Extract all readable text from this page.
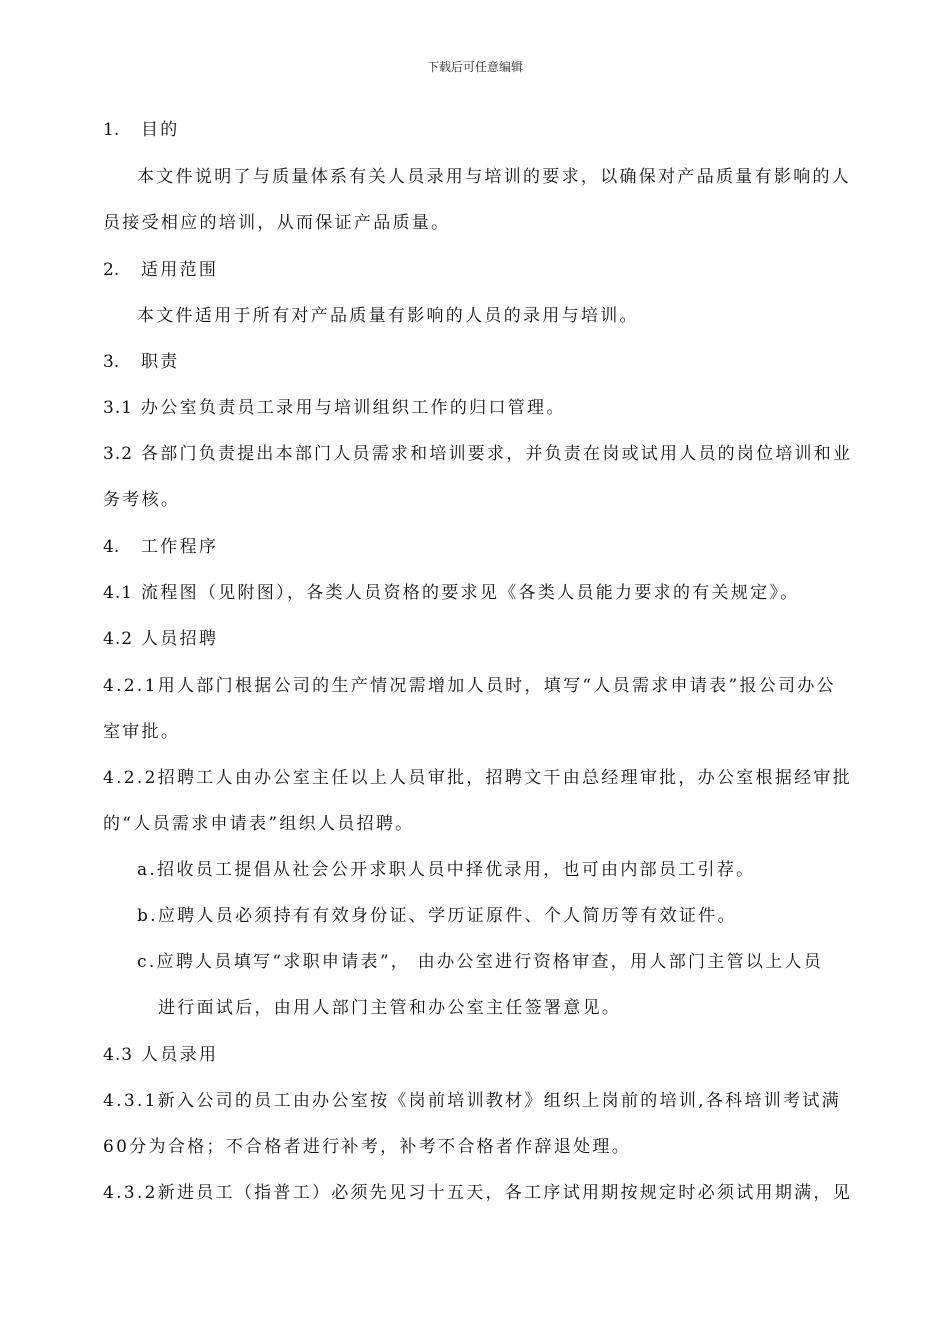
下载后可任意编辑
1. 目的
本文件说明了与质量体系有关人员录用与培训的要求，以确保对产品质量有影响的人
员接受相应的培训，从而保证产品质量。
2. 适用范围
本文件适用于所有对产品质量有影响的人员的录用与培训。
3. 职责
3.1 办公室负责员工录用与培训组织工作的归口管理。
3.2 各部门负责提出本部门人员需求和培训要求，并负责在岗或试用人员的岗位培训和业
务考核。
4. 工作程序
4.1 流程图（见附图），各类人员资格的要求见《各类人员能力要求的有关规定》。
4.2 人员招聘
4.2.1用人部门根据公司的生产情况需增加人员时，填写“人员需求申请表”报公司办公
室审批。
4.2.2招聘工人由办公室主任以上人员审批，招聘文干由总经理审批，办公室根据经审批
的“人员需求申请表”组织人员招聘。
a.招收员工提倡从社会公开求职人员中择优录用，也可由内部员工引荐。
b.应聘人员必须持有有效身份证、学历证原件、个人简历等有效证件。
c.应聘人员填写“求职申请表”， 由办公室进行资格审查，用人部门主管以上人员
进行面试后，由用人部门主管和办公室主任签署意见。
4.3 人员录用
4.3.1新入公司的员工由办公室按《岗前培训教材》组织上岗前的培训,各科培训考试满
60分为合格；不合格者进行补考，补考不合格者作辞退处理。
4.3.2新进员工（指普工）必须先见习十五天，各工序试用期按规定时必须试用期满，见
